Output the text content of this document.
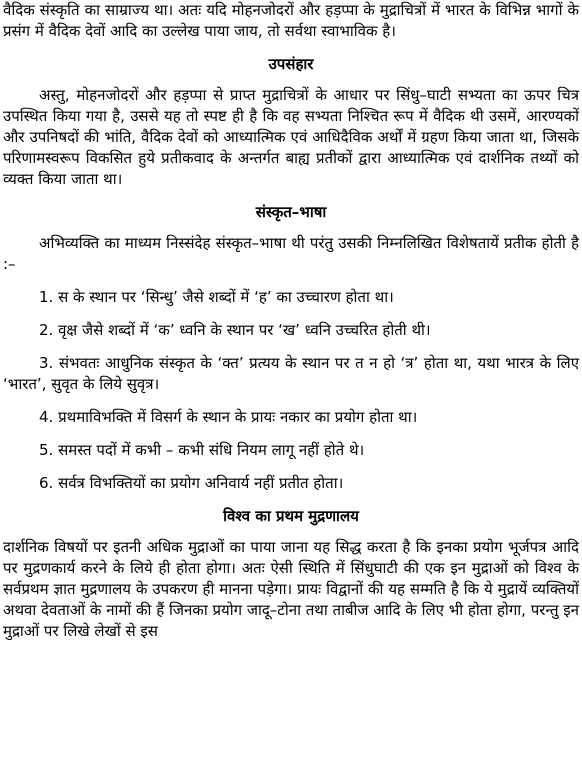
वैदिक संस्कृति का साम्राज्य था। अतः यदि मोहनजोदरों और हड़प्पा के मुद्राचित्रों में भारत के विभिन्न भागों के प्रसंग में वैदिक देवों आदि का उल्लेख पाया जाय, तो सर्वथा स्वाभाविक है।

उपसंहार

अस्तु, मोहनजोदरों और हड़प्पा से प्राप्त मुद्राचित्रों के आधार पर सिंधु–घाटी सभ्यता का ऊपर चित्र उपस्थित किया गया है, उससे यह तो स्पष्ट ही है कि वह सभ्यता निश्चित रूप में वैदिक थी उसमें, आरण्यकों और उपनिषदों की भांति, वैदिक देवों को आध्यात्मिक एवं आधिदैविक अर्थों में ग्रहण किया जाता था, जिसके परिणामस्वरूप विकसित हुये प्रतीकवाद के अन्तर्गत बाह्य प्रतीकों द्वारा आध्यात्मिक एवं दार्शनिक तथ्यों को व्यक्त किया जाता था।

संस्कृत–भाषा

अभिव्यक्ति का माध्यम निस्संदेह संस्कृत–भाषा थी परंतु उसकी निम्नलिखित विशेषतायें प्रतीक होती है :–

1. स के स्थान पर ‘सिन्धु’ जैसे शब्दों में ‘ह’ का उच्चारण होता था।

2. वृक्ष जैसे शब्दों में ‘क’ ध्वनि के स्थान पर ‘ख’ ध्वनि उच्चरित होती थी।

3. संभवतः आधुनिक संस्कृत के ‘क्त’ प्रत्यय के स्थान पर त न हो ‘त्र’ होता था, यथा भारत्र के लिए ‘भारत’, सुवृत के लिये सुवृत्र।

4. प्रथमाविभक्ति में विसर्ग के स्थान के प्रायः नकार का प्रयोग होता था।

5. समस्त पदों में कभी – कभी संधि नियम लागू नहीं होते थे।

6. सर्वत्र विभक्तियों का प्रयोग अनिवार्य नहीं प्रतीत होता।

विश्व का प्रथम मुद्रणालय

दार्शनिक विषयों पर इतनी अधिक मुद्राओं का पाया जाना यह सिद्ध करता है कि इनका प्रयोग भूर्जपत्र आदि पर मुद्रणकार्य करने के लिये ही होता होगा। अतः ऐसी स्थिति में सिंधुघाटी की एक इन मुद्राओं को विश्व के सर्वप्रथम ज्ञात मुद्रणालय के उपकरण ही मानना पड़ेगा। प्रायः विद्वानों की यह सम्मति है कि ये मुद्रायें व्यक्तियों अथवा देवताओं के नामों की हैं जिनका प्रयोग जादू–टोना तथा ताबीज आदि के लिए भी होता होगा, परन्तु इन मुद्राओं पर लिखे लेखों से इस
